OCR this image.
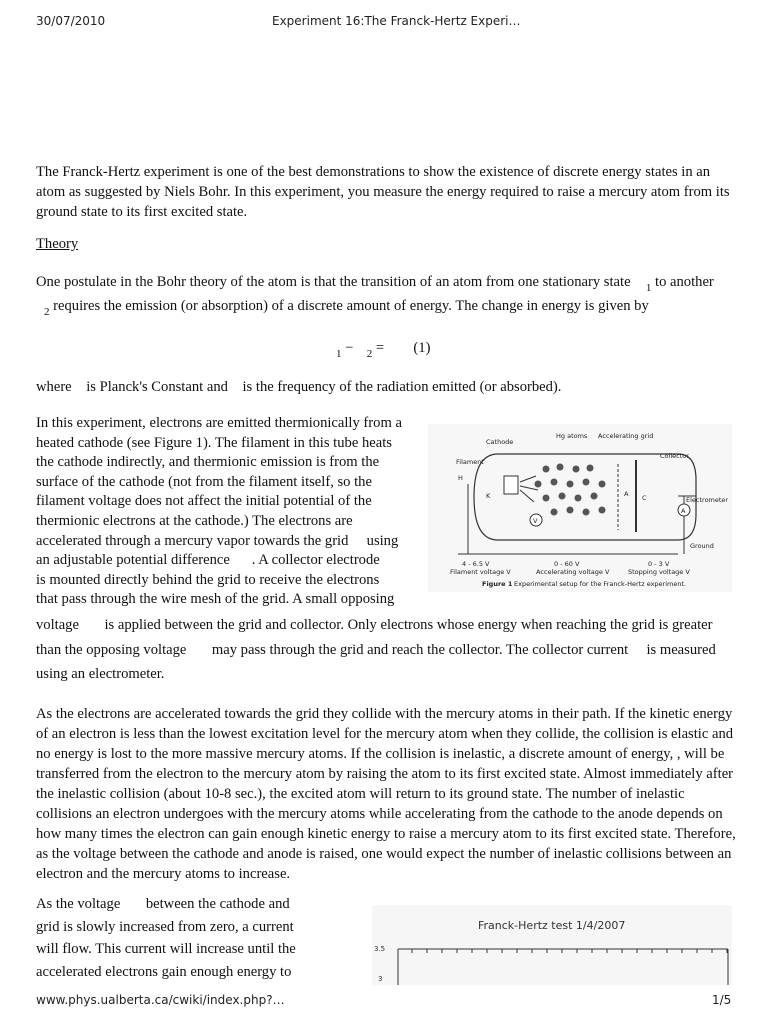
30/07/2010	Experiment 16:The Franck-Hertz Experi…

The Franck-Hertz experiment is one of the best demonstrations to show the existence of discrete energy states in an atom as suggested by Niels Bohr. In this experiment, you measure the energy required to raise a mercury atom from its ground state to its first excited state.

Theory
One postulate in the Bohr theory of the atom is that the transition of an atom from one stationary state $_1$ to another
$_2$ requires the emission (or absorption) of a discrete amount of energy. The change in energy is given by
$_1$ − $_2$ = (1)
where    is Planck's Constant and    is the frequency of the radiation emitted (or absorbed).
In this experiment, electrons are emitted thermionically from a
heated cathode (see Figure 1). The filament in this tube heats
the cathode indirectly, and thermionic emission is from the
surface of the cathode (not from the filament itself, so the
filament voltage does not affect the initial potential of the
thermionic electrons at the cathode.) The electrons are
accelerated through a mercury vapor towards the grid     using
an adjustable potential difference      . A collector electrode
is mounted directly behind the grid to receive the electrons
that pass through the wire mesh of the grid. A small opposing
Cathode
Hg atoms Accelerating grid
Collector
Filament
H
K	A C	Electrometer
V
A
Ground
4 - 6.5 V
Filament voltage V
0 - 60 V
Accelerating voltage V
0 - 3 V
Stopping voltage V
Figure 1 Experimental setup for the Franck-Hertz experiment.
voltage       is applied between the grid and collector. Only electrons whose energy when reaching the grid is greater
than the opposing voltage       may pass through the grid and reach the collector. The collector current     is measured
using an electrometer.

As the electrons are accelerated towards the grid they collide with the mercury atoms in their path. If the kinetic energy of an electron is less than the lowest excitation level for the mercury atom when they collide, the collision is elastic and no energy is lost to the more massive mercury atoms. If the collision is inelastic, a discrete amount of energy, , will be transferred from the electron to the mercury atom by raising the atom to its first excited state. Almost immediately after the inelastic collision (about 10-8 sec.), the excited atom will return to its ground state. The number of inelastic collisions an electron undergoes with the mercury atoms while accelerating from the cathode to the anode depends on how many times the electron can gain enough kinetic energy to raise a mercury atom to its first excited state. Therefore, as the voltage between the cathode and anode is raised, one would expect the number of inelastic collisions between an electron and the mercury atoms to increase.

As the voltage       between the cathode and
grid is slowly increased from zero, a current
will flow. This current will increase until the
accelerated electrons gain enough energy to
Franck-Hertz test 1/4/2007
3.5
3
www.phys.ualberta.ca/cwiki/index.php?…	1/5
